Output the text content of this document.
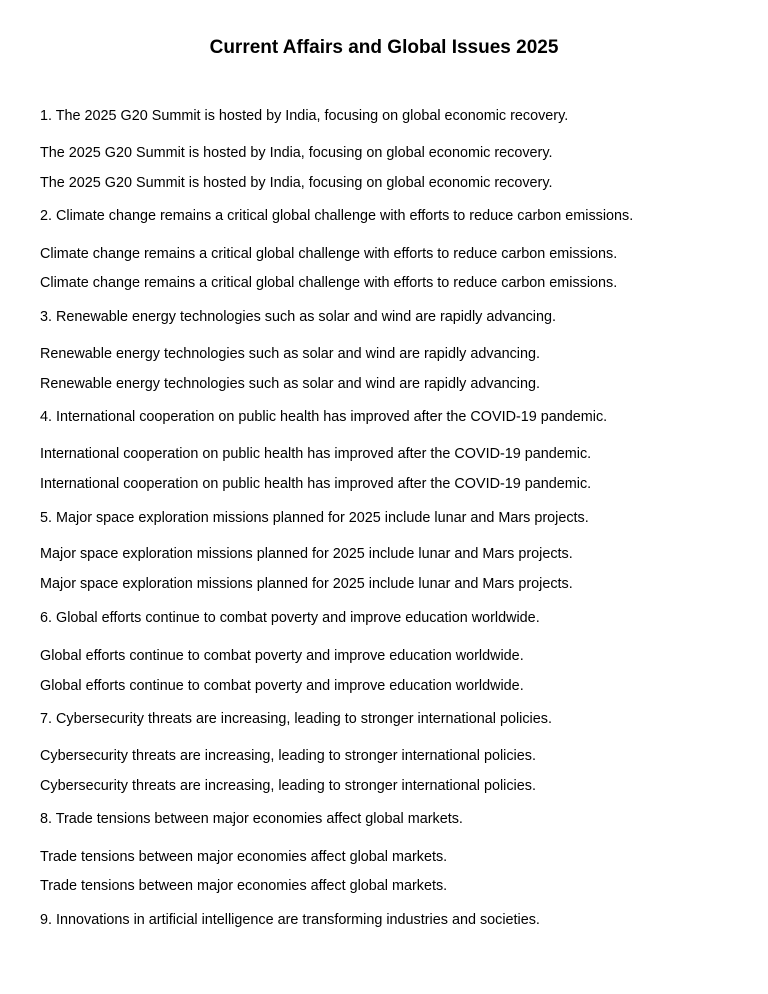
Current Affairs and Global Issues 2025
1. The 2025 G20 Summit is hosted by India, focusing on global economic recovery.
The 2025 G20 Summit is hosted by India, focusing on global economic recovery.
The 2025 G20 Summit is hosted by India, focusing on global economic recovery.
2. Climate change remains a critical global challenge with efforts to reduce carbon emissions.
Climate change remains a critical global challenge with efforts to reduce carbon emissions.
Climate change remains a critical global challenge with efforts to reduce carbon emissions.
3. Renewable energy technologies such as solar and wind are rapidly advancing.
Renewable energy technologies such as solar and wind are rapidly advancing.
Renewable energy technologies such as solar and wind are rapidly advancing.
4. International cooperation on public health has improved after the COVID-19 pandemic.
International cooperation on public health has improved after the COVID-19 pandemic.
International cooperation on public health has improved after the COVID-19 pandemic.
5. Major space exploration missions planned for 2025 include lunar and Mars projects.
Major space exploration missions planned for 2025 include lunar and Mars projects.
Major space exploration missions planned for 2025 include lunar and Mars projects.
6. Global efforts continue to combat poverty and improve education worldwide.
Global efforts continue to combat poverty and improve education worldwide.
Global efforts continue to combat poverty and improve education worldwide.
7. Cybersecurity threats are increasing, leading to stronger international policies.
Cybersecurity threats are increasing, leading to stronger international policies.
Cybersecurity threats are increasing, leading to stronger international policies.
8. Trade tensions between major economies affect global markets.
Trade tensions between major economies affect global markets.
Trade tensions between major economies affect global markets.
9. Innovations in artificial intelligence are transforming industries and societies.
